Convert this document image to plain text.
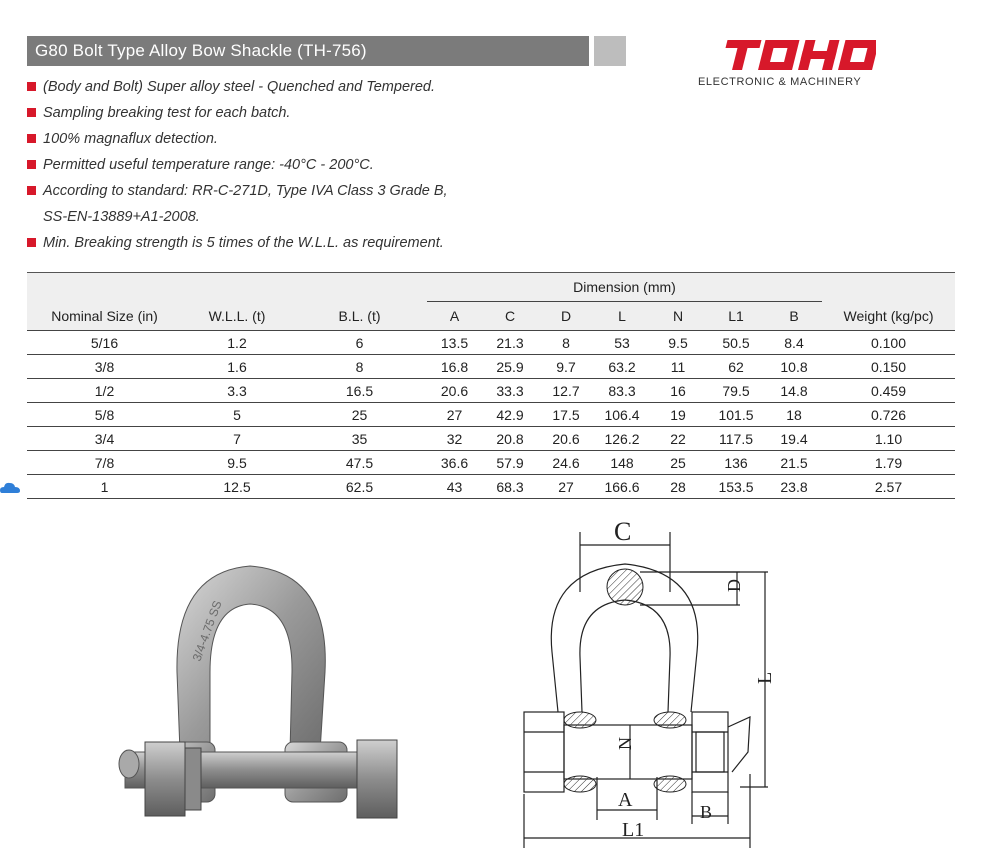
G80 Bolt Type Alloy Bow Shackle (TH-756)
ELECTRONIC & MACHINERY
(Body and Bolt) Super alloy steel - Quenched and Tempered.
Sampling breaking test for each batch.
100% magnaflux detection.
Permitted useful temperature range: -40°C - 200°C.
According to standard: RR-C-271D, Type IVA Class 3 Grade B,
SS-EN-13889+A1-2008.
Min. Breaking strength is 5 times of the W.L.L. as requirement.
Nominal Size (in)	W.L.L. (t)	B.L. (t)	Dimension (mm)							Weight (kg/pc)
			A	C	D	L	N	L1	B	
5/16	1.2	6	13.5	21.3	8	53	9.5	50.5	8.4	0.100
3/8	1.6	8	16.8	25.9	9.7	63.2	11	62	10.8	0.150
1/2	3.3	16.5	20.6	33.3	12.7	83.3	16	79.5	14.8	0.459
5/8	5	25	27	42.9	17.5	106.4	19	101.5	18	0.726
3/4	7	35	32	20.8	20.6	126.2	22	117.5	19.4	1.10
7/8	9.5	47.5	36.6	57.9	24.6	148	25	136	21.5	1.79
1	12.5	62.5	43	68.3	27	166.6	28	153.5	23.8	2.57
3/4-4.75 SS
C
D
L
N
A
B
L1
